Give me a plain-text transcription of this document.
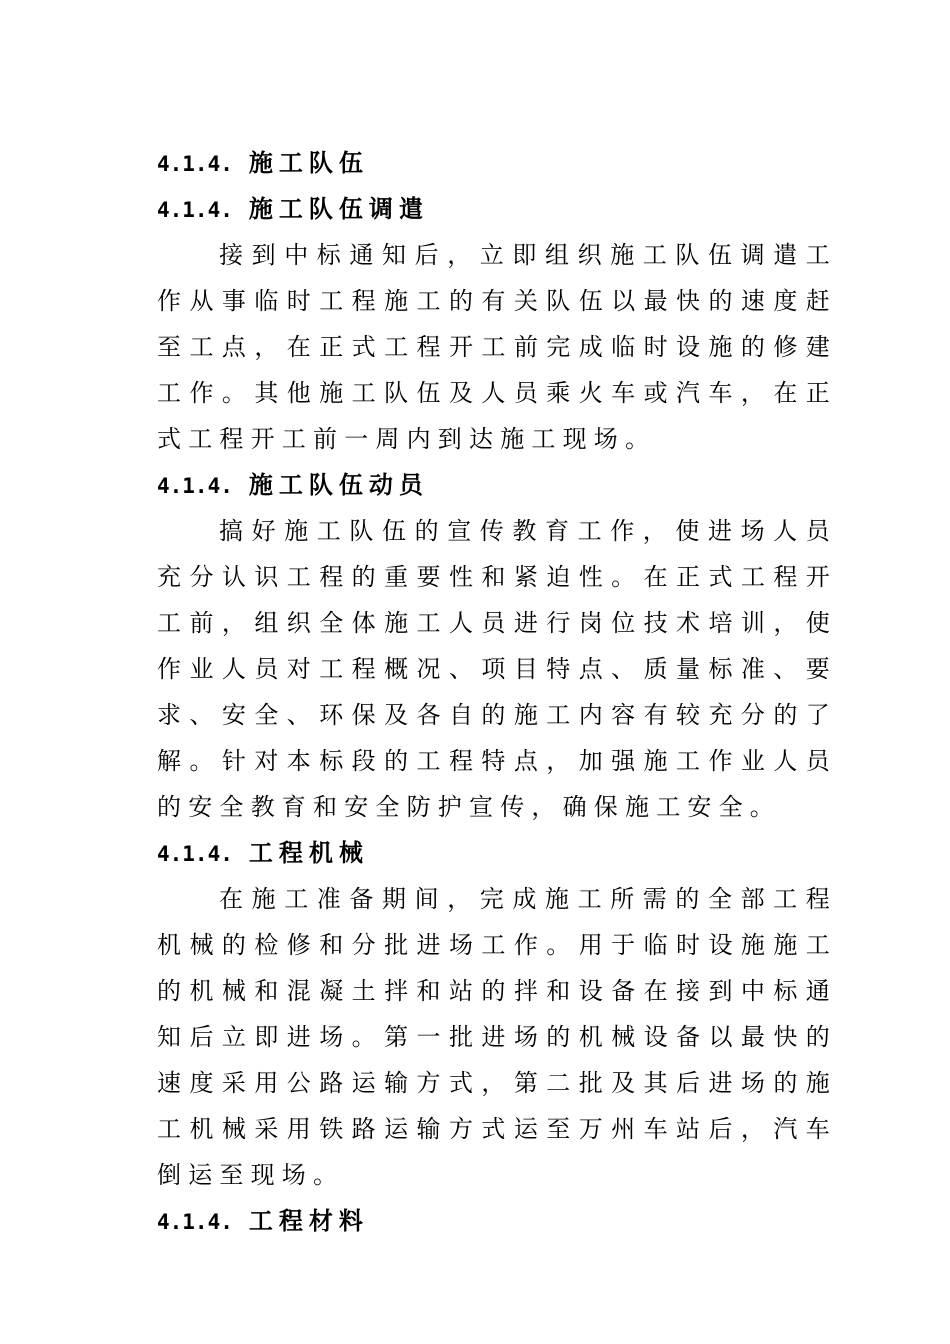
4.1.4. 施工队伍
4.1.4. 施工队伍调遣

接到中标通知后，立即组织施工队伍调遣工作从事临时工程施工的有关队伍以最快的速度赶至工点，在正式工程开工前完成临时设施的修建工作。其他施工队伍及人员乘火车或汽车，在正式工程开工前一周内到达施工现场。

4.1.4. 施工队伍动员

搞好施工队伍的宣传教育工作，使进场人员充分认识工程的重要性和紧迫性。在正式工程开工前，组织全体施工人员进行岗位技术培训，使作业人员对工程概况、项目特点、质量标准、要求、安全、环保及各自的施工内容有较充分的了解。针对本标段的工程特点，加强施工作业人员的安全教育和安全防护宣传，确保施工安全。

4.1.4. 工程机械

在施工准备期间，完成施工所需的全部工程机械的检修和分批进场工作。用于临时设施施工的机械和混凝土拌和站的拌和设备在接到中标通知后立即进场。第一批进场的机械设备以最快的速度采用公路运输方式，第二批及其后进场的施工机械采用铁路运输方式运至万州车站后，汽车倒运至现场。

4.1.4. 工程材料
